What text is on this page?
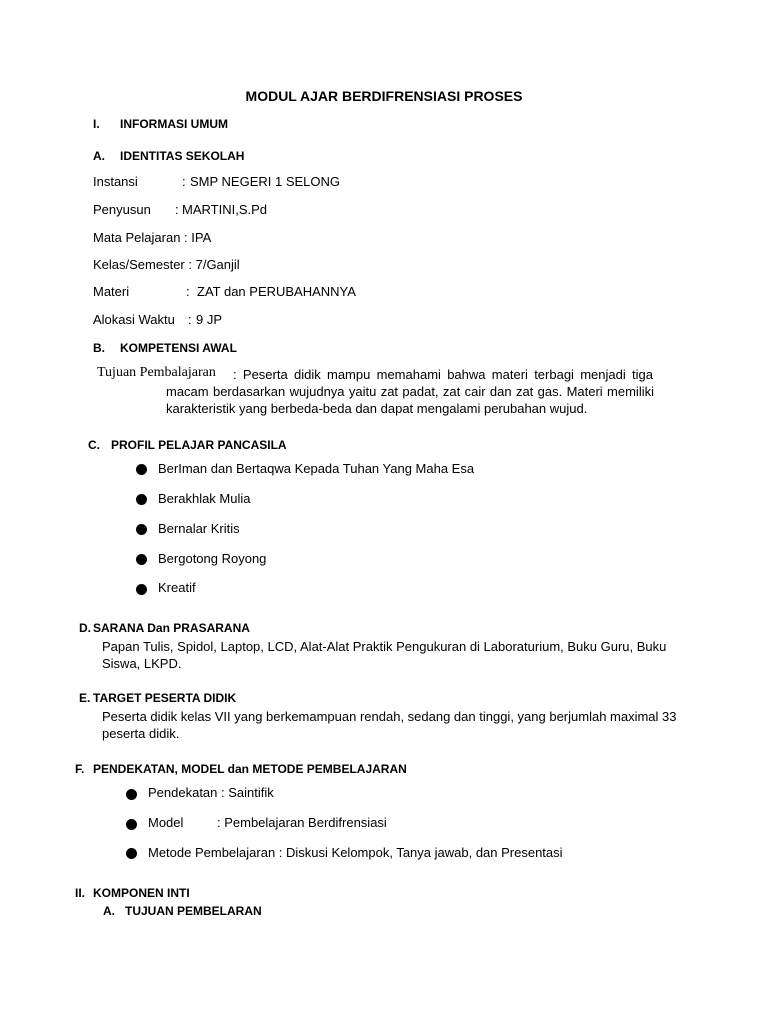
MODUL AJAR BERDIFRENSIASI PROSES
I. INFORMASI UMUM
A. IDENTITAS SEKOLAH
Instansi	: SMP NEGERI 1 SELONG
Penyusun : MARTINI,S.Pd
Mata Pelajaran : IPA
Kelas/Semester : 7/Ganjil
Materi	: ZAT dan PERUBAHANNYA
Alokasi Waktu : 9 JP
B. KOMPETENSI AWAL
Tujuan Pembalajaran : Peserta didik mampu memahami bahwa materi terbagi menjadi tiga
macam berdasarkan wujudnya yaitu zat padat, zat cair dan zat gas. Materi memiliki
karakteristik yang berbeda-beda dan dapat mengalami perubahan wujud.
C. PROFIL PELAJAR PANCASILA
BerIman dan Bertaqwa Kepada Tuhan Yang Maha Esa
Berakhlak Mulia
Bernalar Kritis
Bergotong Royong
Kreatif
D. SARANA Dan PRASARANA
Papan Tulis, Spidol, Laptop, LCD, Alat-Alat Praktik Pengukuran di Laboraturium, Buku Guru, Buku
Siswa, LKPD.
E. TARGET PESERTA DIDIK
Peserta didik kelas VII yang berkemampuan rendah, sedang dan tinggi, yang berjumlah maximal 33
peserta didik.
F. PENDEKATAN, MODEL dan METODE PEMBELAJARAN
Pendekatan : Saintifik
Model	: Pembelajaran Berdifrensiasi
Metode Pembelajaran : Diskusi Kelompok, Tanya jawab, dan Presentasi
II. KOMPONEN INTI
A. TUJUAN PEMBELARAN
